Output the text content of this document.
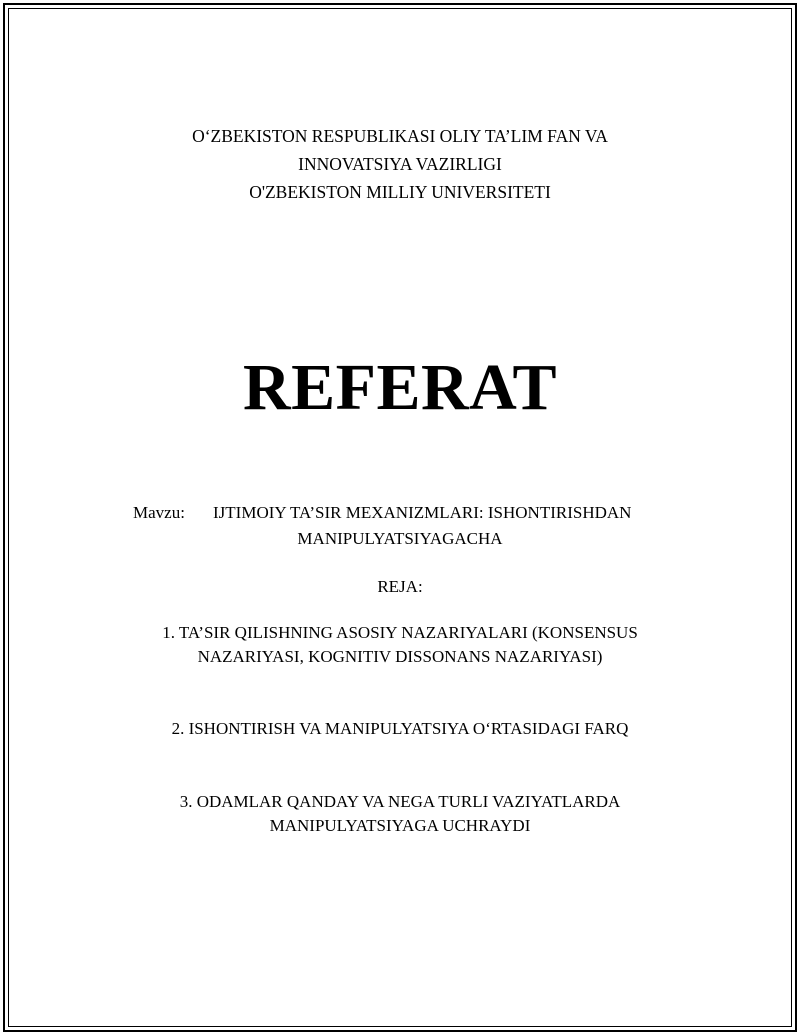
O‘ZBEKISTON RESPUBLIKASI OLIY TA’LIM FAN VA
INNOVATSIYA VAZIRLIGI
O'ZBEKISTON MILLIY UNIVERSITETI
REFERAT
Mavzu: IJTIMOIY TA’SIR MEXANIZMLARI: ISHONTIRISHDAN
MANIPULYATSIYAGACHA
REJA:
1. TA’SIR QILISHNING ASOSIY NAZARIYALARI (KONSENSUS
NAZARIYASI, KOGNITIV DISSONANS NAZARIYASI)
2. ISHONTIRISH VA MANIPULYATSIYA O‘RTASIDAGI FARQ
3. ODAMLAR QANDAY VA NEGA TURLI VAZIYATLARDA
MANIPULYATSIYAGA UCHRAYDI
